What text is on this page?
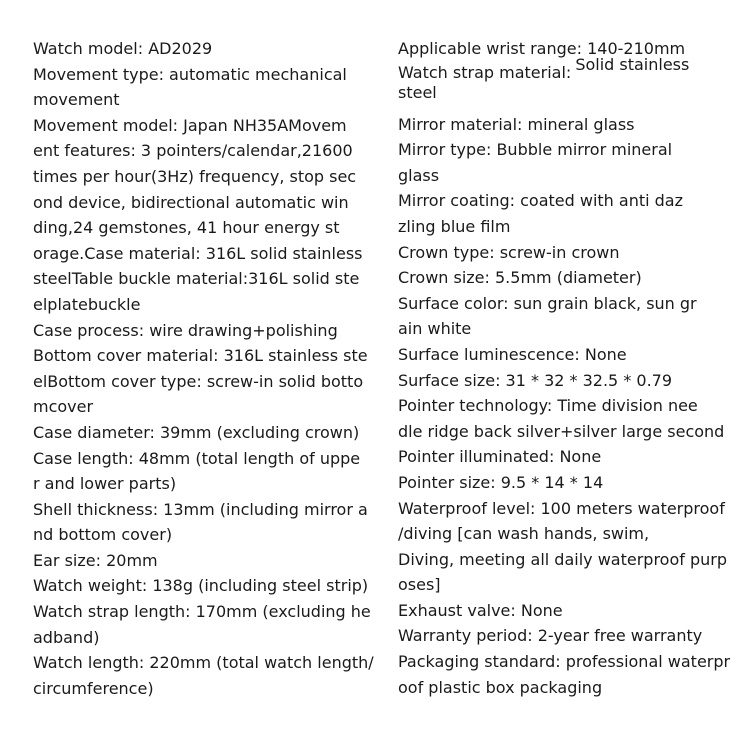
Watch model: AD2029
Movement type: automatic mechanical
movement
Movement model: Japan NH35AMovem
ent features: 3 pointers/calendar,21600
times per hour(3Hz) frequency, stop sec
ond device, bidirectional automatic win
ding,24 gemstones, 41 hour energy st
orage.Case material: 316L solid stainless
steelTable buckle material:316L solid ste
elplatebuckle
Case process: wire drawing+polishing
Bottom cover material: 316L stainless ste
elBottom cover type: screw-in solid botto
mcover
Case diameter: 39mm (excluding crown)
Case length: 48mm (total length of uppe
r and lower parts)
Shell thickness: 13mm (including mirror a
nd bottom cover)
Ear size: 20mm
Watch weight: 138g (including steel strip)
Watch strap length: 170mm (excluding he
adband)
Watch length: 220mm (total watch length/
circumference)
Applicable wrist range: 140-210mm
Watch strap material: Solid stainless
steel
Mirror material: mineral glass
Mirror type: Bubble mirror mineral
glass
Mirror coating: coated with anti daz
zling blue film
Crown type: screw-in crown
Crown size: 5.5mm (diameter)
Surface color: sun grain black, sun gr
ain white
Surface luminescence: None
Surface size: 31 * 32 * 32.5 * 0.79
Pointer technology: Time division nee
dle ridge back silver+silver large second
Pointer illuminated: None
Pointer size: 9.5 * 14 * 14
Waterproof level: 100 meters waterproof
/diving [can wash hands, swim,
Diving, meeting all daily waterproof purp
oses]
Exhaust valve: None
Warranty period: 2-year free warranty
Packaging standard: professional waterpr
oof plastic box packaging
